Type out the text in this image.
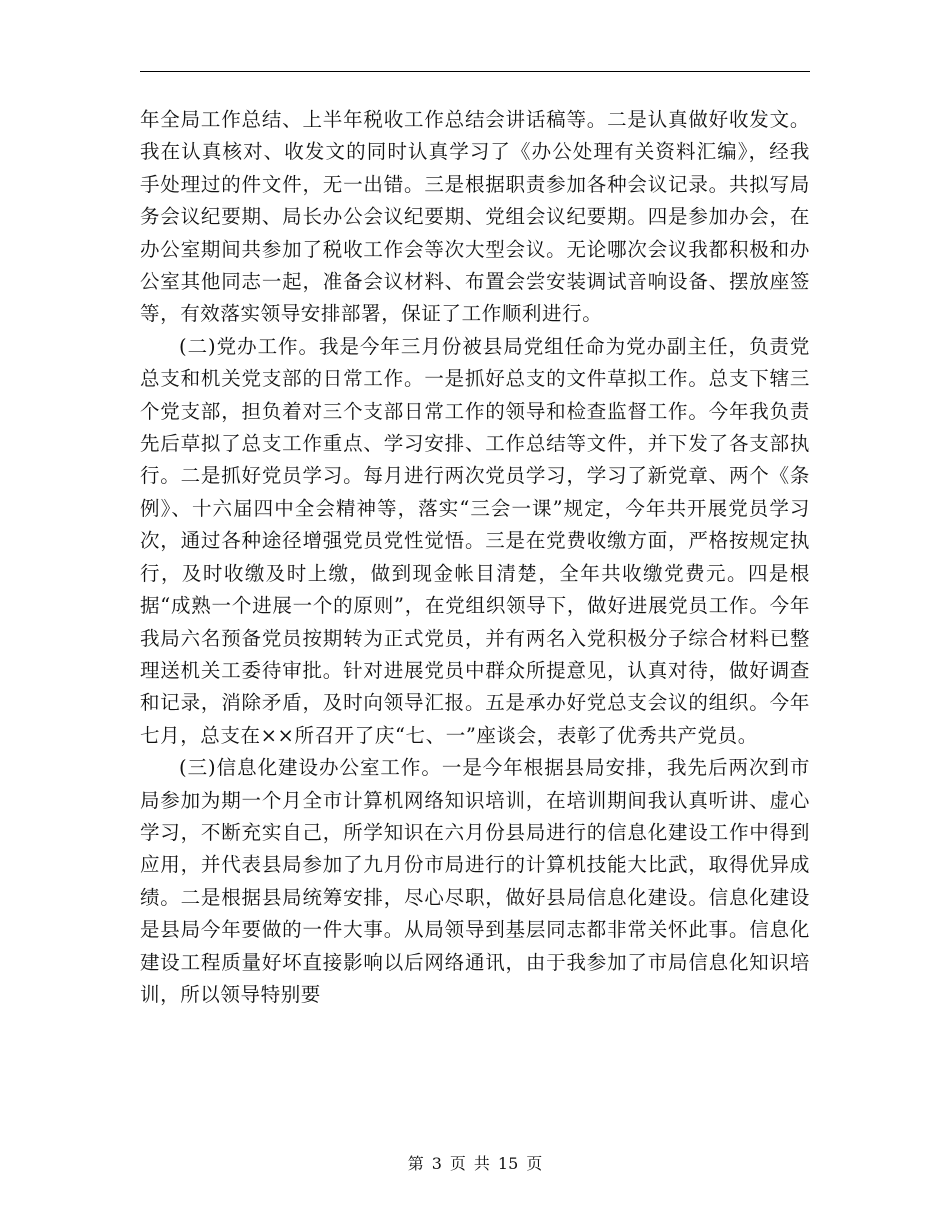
年全局工作总结、上半年税收工作总结会讲话稿等。二是认真做好收发文。我在认真核对、收发文的同时认真学习了《办公处理有关资料汇编》，经我手处理过的件文件，无一出错。三是根据职责参加各种会议记录。共拟写局务会议纪要期、局长办公会议纪要期、党组会议纪要期。四是参加办会，在办公室期间共参加了税收工作会等次大型会议。无论哪次会议我都积极和办公室其他同志一起，准备会议材料、布置会尝安装调试音响设备、摆放座签等，有效落实领导安排部署，保证了工作顺利进行。

(二)党办工作。我是今年三月份被县局党组任命为党办副主任，负责党总支和机关党支部的日常工作。一是抓好总支的文件草拟工作。总支下辖三个党支部，担负着对三个支部日常工作的领导和检查监督工作。今年我负责先后草拟了总支工作重点、学习安排、工作总结等文件，并下发了各支部执行。二是抓好党员学习。每月进行两次党员学习，学习了新党章、两个《条例》、十六届四中全会精神等，落实“三会一课”规定，今年共开展党员学习次，通过各种途径增强党员党性觉悟。三是在党费收缴方面，严格按规定执行，及时收缴及时上缴，做到现金帐目清楚，全年共收缴党费元。四是根据“成熟一个进展一个的原则”，在党组织领导下，做好进展党员工作。今年我局六名预备党员按期转为正式党员，并有两名入党积极分子综合材料已整理送机关工委待审批。针对进展党员中群众所提意见，认真对待，做好调查和记录，消除矛盾，及时向领导汇报。五是承办好党总支会议的组织。今年七月，总支在××所召开了庆“七、一”座谈会，表彰了优秀共产党员。

(三)信息化建设办公室工作。一是今年根据县局安排，我先后两次到市局参加为期一个月全市计算机网络知识培训，在培训期间我认真听讲、虚心学习，不断充实自己，所学知识在六月份县局进行的信息化建设工作中得到应用，并代表县局参加了九月份市局进行的计算机技能大比武，取得优异成绩。二是根据县局统筹安排，尽心尽职，做好县局信息化建设。信息化建设是县局今年要做的一件大事。从局领导到基层同志都非常关怀此事。信息化建设工程质量好坏直接影响以后网络通讯，由于我参加了市局信息化知识培训，所以领导特别要

第 3 页 共 15 页
